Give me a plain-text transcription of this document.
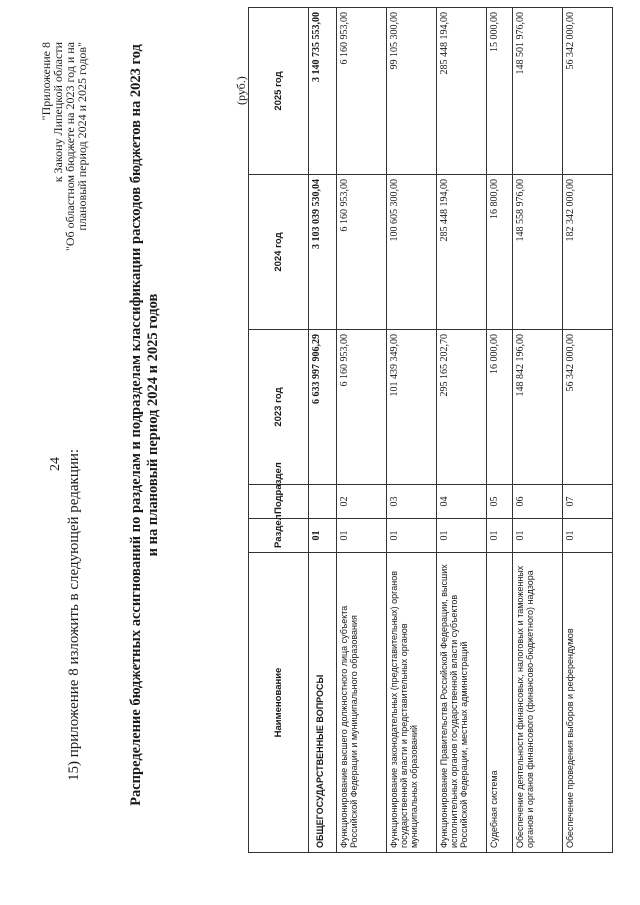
24 15) приложение 8 изложить в следующей редакции:
"Приложение 8
к Закону Липецкой области
"Об областном бюджете на 2023 год и на
плановый период 2024 и 2025 годов"	Распределение бюджетных ассигнований по разделам и подразделам классификации расходов бюджетов на 2023 год и на плановый период 2024 и 2025 годов
(руб.)
Наименование	Раздел	Подраздел	2023 год	2024 год	2025 год
ОБЩЕГОСУДАРСТВЕННЫЕ ВОПРОСЫ	01		6 633 997 906,29	3 103 039 530,04	3 140 735 553,00
Функционирование высшего должностного лица субъекта Российской Федерации и муниципального образования	01	02	6 160 953,00	6 160 953,00	6 160 953,00
Функционирование законодательных (представительных) органов государственной власти и представительных органов муниципальных образований	01	03	101 439 349,00	100 605 300,00	99 105 300,00
Функционирование Правительства Российской Федерации, высших исполнительных органов государственной власти субъектов Российской Федерации, местных администраций	01	04	295 165 202,70	285 448 194,00	285 448 194,00
Судебная система	01	05	16 000,00	16 800,00	15 000,00
Обеспечение деятельности финансовых, налоговых и таможенных органов и органов финансового (финансово-бюджетного) надзора	01	06	148 842 196,00	148 558 976,00	148 501 976,00
Обеспечение проведения выборов и референдумов	01	07	56 342 000,00	182 342 000,00	56 342 000,00
